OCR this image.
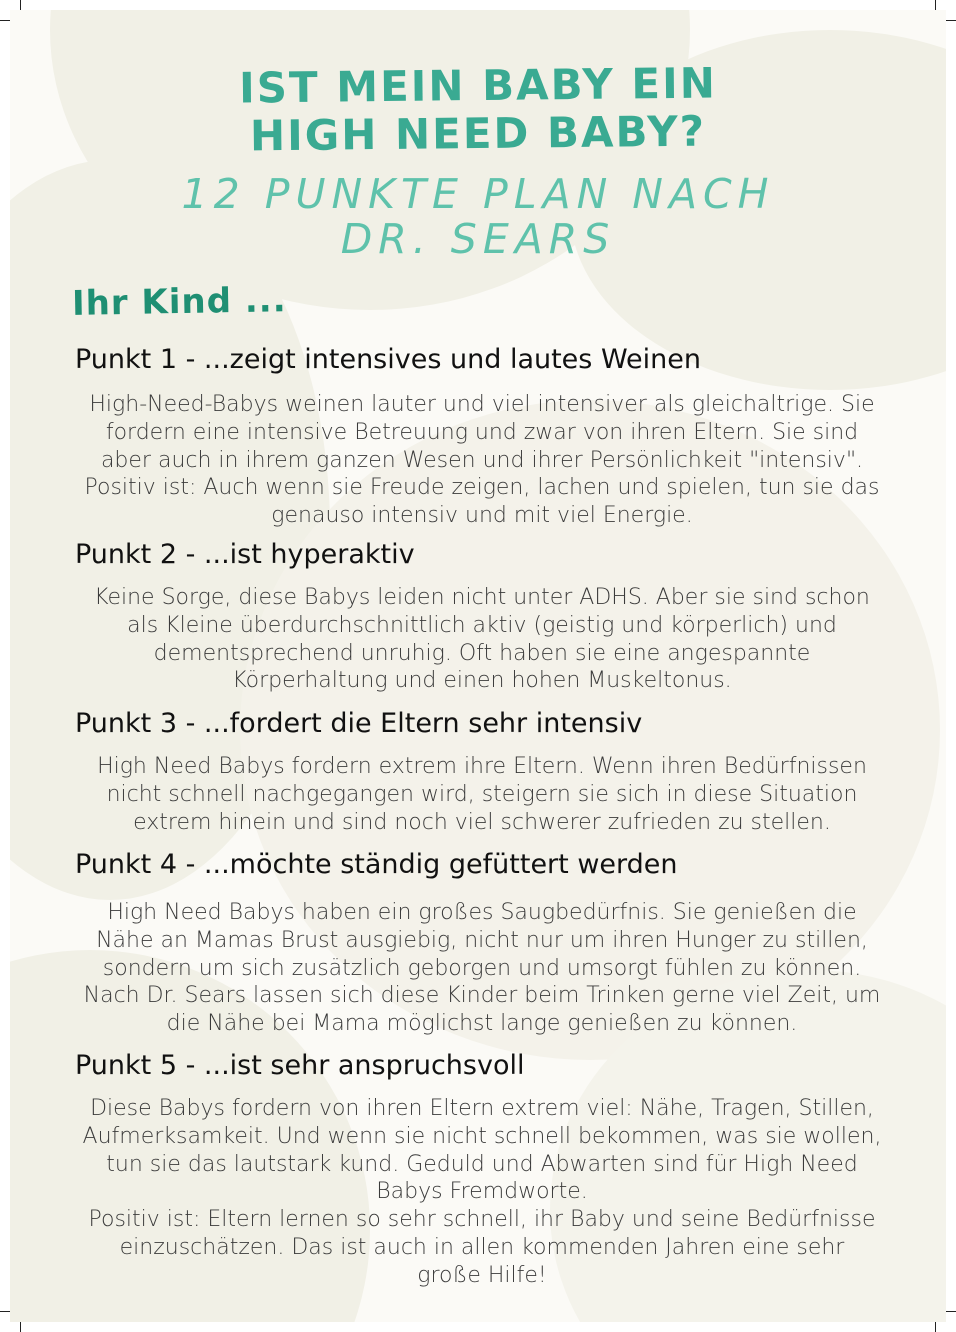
IST MEIN BABY EIN
HIGH NEED BABY?
12 PUNKTE PLAN NACH
DR. SEARS
Ihr Kind ...
Punkt 1 - ...zeigt intensives und lautes Weinen
High-Need-Babys weinen lauter und viel intensiver als gleichaltrige. Sie
fordern eine intensive Betreuung und zwar von ihren Eltern. Sie sind
aber auch in ihrem ganzen Wesen und ihrer Persönlichkeit "intensiv".
Positiv ist: Auch wenn sie Freude zeigen, lachen und spielen, tun sie das
genauso intensiv und mit viel Energie.
Punkt 2 - ...ist hyperaktiv
Keine Sorge, diese Babys leiden nicht unter ADHS. Aber sie sind schon
als Kleine überdurchschnittlich aktiv (geistig und körperlich) und
dementsprechend unruhig. Oft haben sie eine angespannte
Körperhaltung und einen hohen Muskeltonus.
Punkt 3 - ...fordert die Eltern sehr intensiv
High Need Babys fordern extrem ihre Eltern. Wenn ihren Bedürfnissen
nicht schnell nachgegangen wird, steigern sie sich in diese Situation
extrem hinein und sind noch viel schwerer zufrieden zu stellen.
Punkt 4 - ...möchte ständig gefüttert werden
High Need Babys haben ein großes Saugbedürfnis. Sie genießen die
Nähe an Mamas Brust ausgiebig, nicht nur um ihren Hunger zu stillen,
sondern um sich zusätzlich geborgen und umsorgt fühlen zu können.
Nach Dr. Sears lassen sich diese Kinder beim Trinken gerne viel Zeit, um
die Nähe bei Mama möglichst lange genießen zu können.
Punkt 5 - ...ist sehr anspruchsvoll
Diese Babys fordern von ihren Eltern extrem viel: Nähe, Tragen, Stillen,
Aufmerksamkeit. Und wenn sie nicht schnell bekommen, was sie wollen,
tun sie das lautstark kund. Geduld und Abwarten sind für High Need
Babys Fremdworte.
Positiv ist: Eltern lernen so sehr schnell, ihr Baby und seine Bedürfnisse
einzuschätzen. Das ist auch in allen kommenden Jahren eine sehr
große Hilfe!
